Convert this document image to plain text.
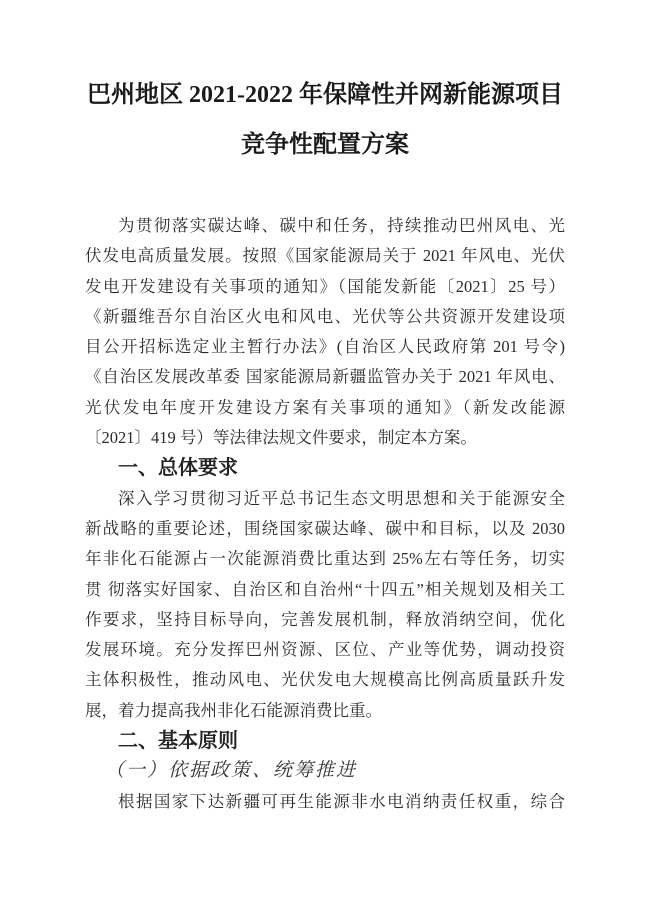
巴州地区 2021-2022 年保障性并网新能源项目
竞争性配置方案
为贯彻落实碳达峰、碳中和任务，持续推动巴州风电、光
伏发电高质量发展。按照《国家能源局关于 2021 年风电、光伏
发电开发建设有关事项的通知》（国能发新能〔2021〕25 号）
《新疆维吾尔自治区火电和风电、光伏等公共资源开发建设项
目公开招标选定业主暂行办法》(自治区人民政府第 201 号令)
《自治区发展改革委 国家能源局新疆监管办关于 2021 年风电、
光伏发电年度开发建设方案有关事项的通知》（新发改能源
〔2021〕419 号）等法律法规文件要求，制定本方案。
一、总体要求
深入学习贯彻习近平总书记生态文明思想和关于能源安全
新战略的重要论述，围绕国家碳达峰、碳中和目标，以及 2030
年非化石能源占一次能源消费比重达到 25%左右等任务，切实
贯 彻落实好国家、自治区和自治州“十四五”相关规划及相关工
作要求，坚持目标导向，完善发展机制，释放消纳空间，优化
发展环境。充分发挥巴州资源、区位、产业等优势，调动投资
主体积极性，推动风电、光伏发电大规模高比例高质量跃升发
展，着力提高我州非化石能源消费比重。
二、基本原则
（一）依据政策、统筹推进
根据国家下达新疆可再生能源非水电消纳责任权重，综合
